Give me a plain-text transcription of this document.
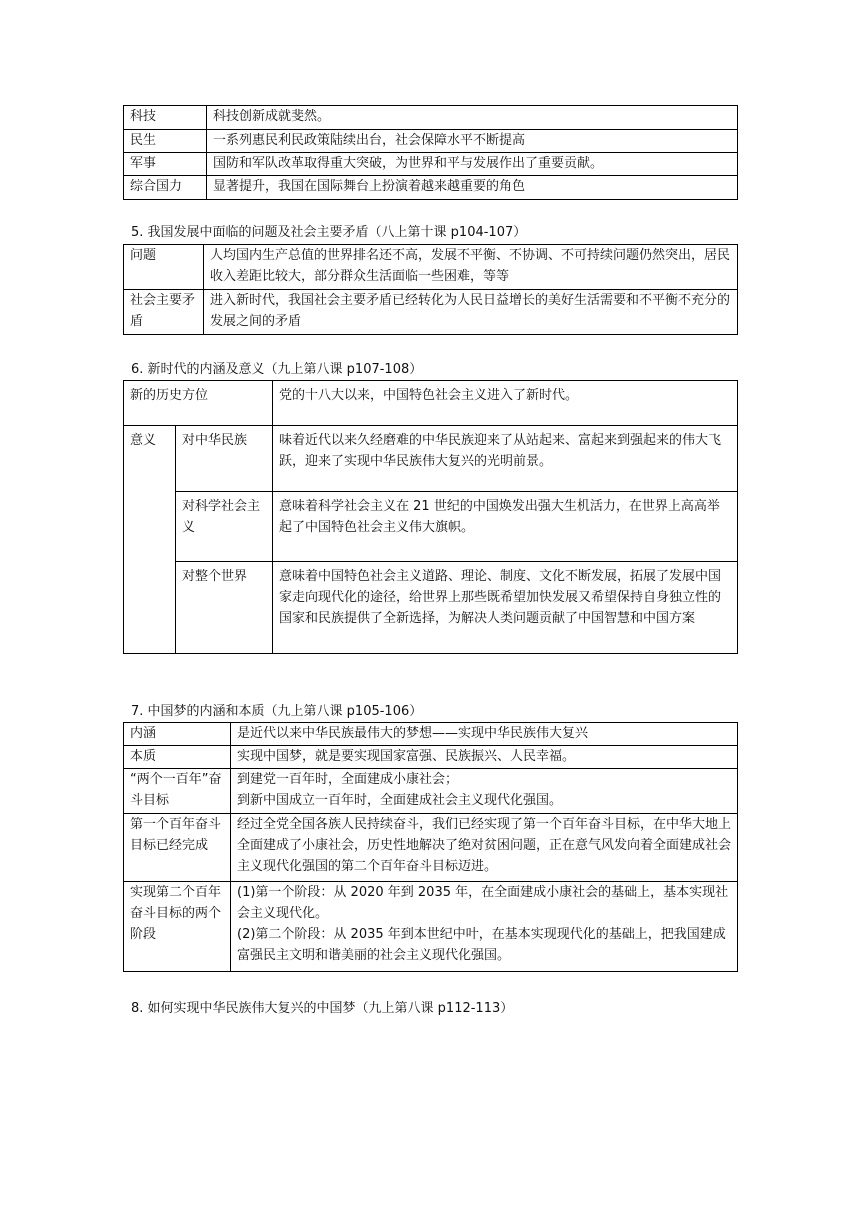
科技	科技创新成就斐然。
民生	一系列惠民利民政策陆续出台，社会保障水平不断提高
军事	国防和军队改革取得重大突破，为世界和平与发展作出了重要贡献。
综合国力	显著提升，我国在国际舞台上扮演着越来越重要的角色
5. 我国发展中面临的问题及社会主要矛盾（八上第十课 p104-107）
问题	人均国内生产总值的世界排名还不高，发展不平衡、不协调、不可持续问题仍然突出，居民收入差距比较大，部分群众生活面临一些困难，等等
社会主要矛盾	进入新时代，我国社会主要矛盾已经转化为人民日益增长的美好生活需要和不平衡不充分的发展之间的矛盾
6. 新时代的内涵及意义（九上第八课 p107-108）
新的历史方位		党的十八大以来，中国特色社会主义进入了新时代。
意义	对中华民族	味着近代以来久经磨难的中华民族迎来了从站起来、富起来到强起来的伟大飞跃，迎来了实现中华民族伟大复兴的光明前景。
	对科学社会主义	意味着科学社会主义在 21 世纪的中国焕发出强大生机活力，在世界上高高举起了中国特色社会主义伟大旗帜。
	对整个世界	意味着中国特色社会主义道路、理论、制度、文化不断发展，拓展了发展中国家走向现代化的途径，给世界上那些既希望加快发展又希望保持自身独立性的国家和民族提供了全新选择，为解决人类问题贡献了中国智慧和中国方案
7. 中国梦的内涵和本质（九上第八课 p105-106）
内涵	是近代以来中华民族最伟大的梦想——实现中华民族伟大复兴
本质	实现中国梦，就是要实现国家富强、民族振兴、人民幸福。
“两个一百年”奋斗目标	到建党一百年时，全面建成小康社会；
到新中国成立一百年时，全面建成社会主义现代化强国。

第一个百年奋斗目标已经完成	经过全党全国各族人民持续奋斗，我们已经实现了第一个百年奋斗目标，在中华大地上全面建成了小康社会，历史性地解决了绝对贫困问题，正在意气风发向着全面建成社会主义现代化强国的第二个百年奋斗目标迈进。
实现第二个百年奋斗目标的两个阶段	(1)第一个阶段：从 2020 年到 2035 年，在全面建成小康社会的基础上，基本实现社会主义现代化。
(2)第二个阶段：从 2035 年到本世纪中叶，在基本实现现代化的基础上，把我国建成富强民主文明和谐美丽的社会主义现代化强国。
8. 如何实现中华民族伟大复兴的中国梦（九上第八课 p112-113）
